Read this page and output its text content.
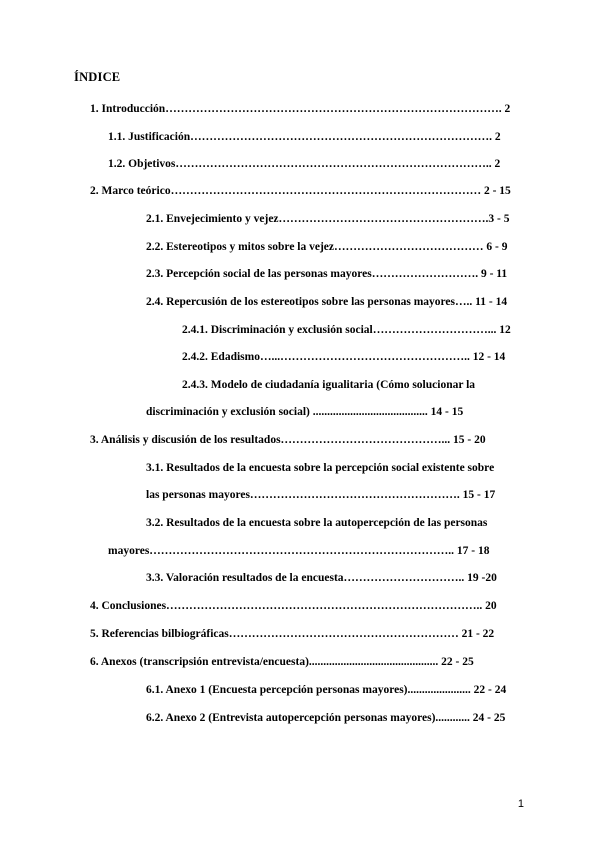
ÍNDICE
1. Introducción……………………………………………………………………………. 2
1.1. Justificación……………………………………………………………………. 2
1.2. Objetivos……………………………………………………………………….. 2
2. Marco teórico……………………………………………………………………… 2 - 15
2.1. Envejecimiento y vejez……………………………………………….3 - 5
2.2. Estereotipos y mitos sobre la vejez………………………………… 6 - 9
2.3. Percepción social de las personas mayores………………………. 9 - 11
2.4. Repercusión de los estereotipos sobre las personas mayores….. 11 - 14
2.4.1. Discriminación y exclusión social…………………………... 12
2.4.2. Edadismo…...………………………………………….. 12 - 14
2.4.3. Modelo de ciudadanía igualitaria (Cómo solucionar la
discriminación y exclusión social) ........................................ 14 - 15
3. Análisis y discusión de los resultados……………………………………... 15 - 20
3.1. Resultados de la encuesta sobre la percepción social existente sobre
las personas mayores………………………………………………. 15 - 17
3.2. Resultados de la encuesta sobre la autopercepción de las personas
mayores…………………………………………………………………….. 17 - 18
3.3. Valoración resultados de la encuesta………………………….. 19 -20
4. Conclusiones……………………………………………………………………….. 20
5. Referencias bilbiográficas…………………………………………………… 21 - 22
6. Anexos (transcripsión entrevista/encuesta)............................................. 22 - 25
6.1. Anexo 1 (Encuesta percepción personas mayores)...................... 22 - 24
6.2. Anexo 2 (Entrevista autopercepción personas mayores)............ 24 - 25
1
